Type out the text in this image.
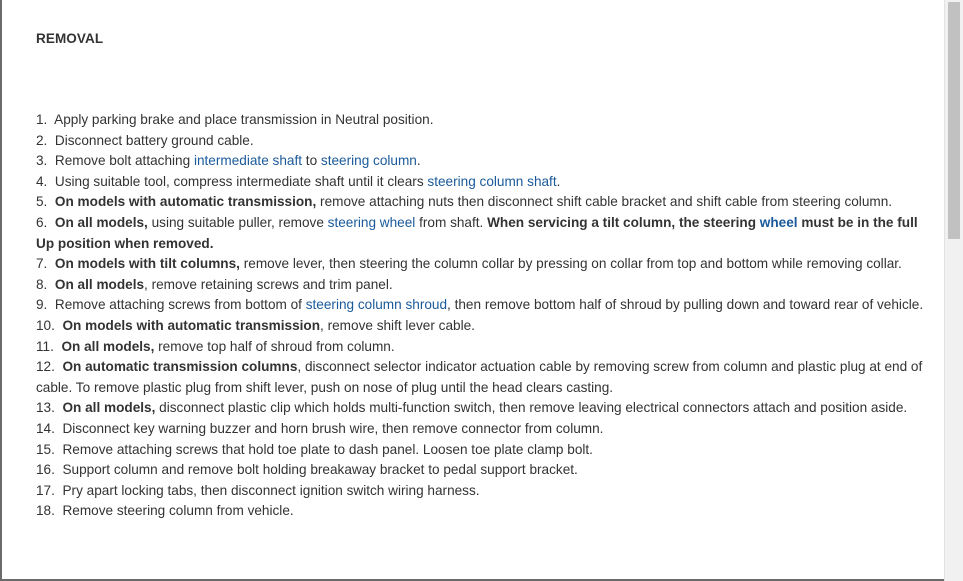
REMOVAL
1. Apply parking brake and place transmission in Neutral position.
2. Disconnect battery ground cable.
3. Remove bolt attaching intermediate shaft to steering column.
4. Using suitable tool, compress intermediate shaft until it clears steering column shaft.
5. On models with automatic transmission, remove attaching nuts then disconnect shift cable bracket and shift cable from steering column.
6. On all models, using suitable puller, remove steering wheel from shaft. When servicing a tilt column, the steering wheel must be in the full Up position when removed.
7. On models with tilt columns, remove lever, then steering the column collar by pressing on collar from top and bottom while removing collar.
8. On all models, remove retaining screws and trim panel.
9. Remove attaching screws from bottom of steering column shroud, then remove bottom half of shroud by pulling down and toward rear of vehicle.
10. On models with automatic transmission, remove shift lever cable.
11. On all models, remove top half of shroud from column.
12. On automatic transmission columns, disconnect selector indicator actuation cable by removing screw from column and plastic plug at end of cable. To remove plastic plug from shift lever, push on nose of plug until the head clears casting.
13. On all models, disconnect plastic clip which holds multi-function switch, then remove leaving electrical connectors attach and position aside.
14. Disconnect key warning buzzer and horn brush wire, then remove connector from column.
15. Remove attaching screws that hold toe plate to dash panel. Loosen toe plate clamp bolt.
16. Support column and remove bolt holding breakaway bracket to pedal support bracket.
17. Pry apart locking tabs, then disconnect ignition switch wiring harness.
18. Remove steering column from vehicle.
